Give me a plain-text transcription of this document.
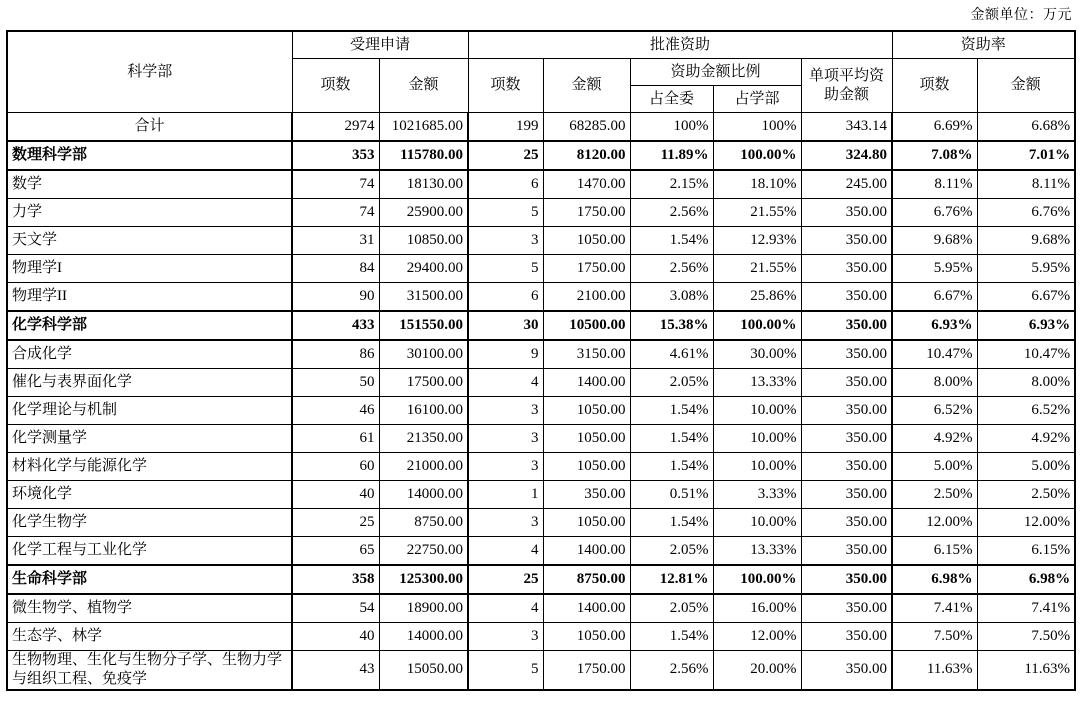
金额单位：万元
科学部	受理申请		批准资助					资助率	
	项数	金额	项数	金额	资助金额比例		单项平均资助金额	项数	金额
					占全委	占学部			
合计	2974	1021685.00	199	68285.00	100%	100%	343.14	6.69%	6.68%
数理科学部	353	115780.00	25	8120.00	11.89%	100.00%	324.80	7.08%	7.01%
数学	74	18130.00	6	1470.00	2.15%	18.10%	245.00	8.11%	8.11%
力学	74	25900.00	5	1750.00	2.56%	21.55%	350.00	6.76%	6.76%
天文学	31	10850.00	3	1050.00	1.54%	12.93%	350.00	9.68%	9.68%
物理学I	84	29400.00	5	1750.00	2.56%	21.55%	350.00	5.95%	5.95%
物理学II	90	31500.00	6	2100.00	3.08%	25.86%	350.00	6.67%	6.67%
化学科学部	433	151550.00	30	10500.00	15.38%	100.00%	350.00	6.93%	6.93%
合成化学	86	30100.00	9	3150.00	4.61%	30.00%	350.00	10.47%	10.47%
催化与表界面化学	50	17500.00	4	1400.00	2.05%	13.33%	350.00	8.00%	8.00%
化学理论与机制	46	16100.00	3	1050.00	1.54%	10.00%	350.00	6.52%	6.52%
化学测量学	61	21350.00	3	1050.00	1.54%	10.00%	350.00	4.92%	4.92%
材料化学与能源化学	60	21000.00	3	1050.00	1.54%	10.00%	350.00	5.00%	5.00%
环境化学	40	14000.00	1	350.00	0.51%	3.33%	350.00	2.50%	2.50%
化学生物学	25	8750.00	3	1050.00	1.54%	10.00%	350.00	12.00%	12.00%
化学工程与工业化学	65	22750.00	4	1400.00	2.05%	13.33%	350.00	6.15%	6.15%
生命科学部	358	125300.00	25	8750.00	12.81%	100.00%	350.00	6.98%	6.98%
微生物学、植物学	54	18900.00	4	1400.00	2.05%	16.00%	350.00	7.41%	7.41%
生态学、林学	40	14000.00	3	1050.00	1.54%	12.00%	350.00	7.50%	7.50%
生物物理、生化与生物分子学、生物力学与组织工程、免疫学	43	15050.00	5	1750.00	2.56%	20.00%	350.00	11.63%	11.63%
